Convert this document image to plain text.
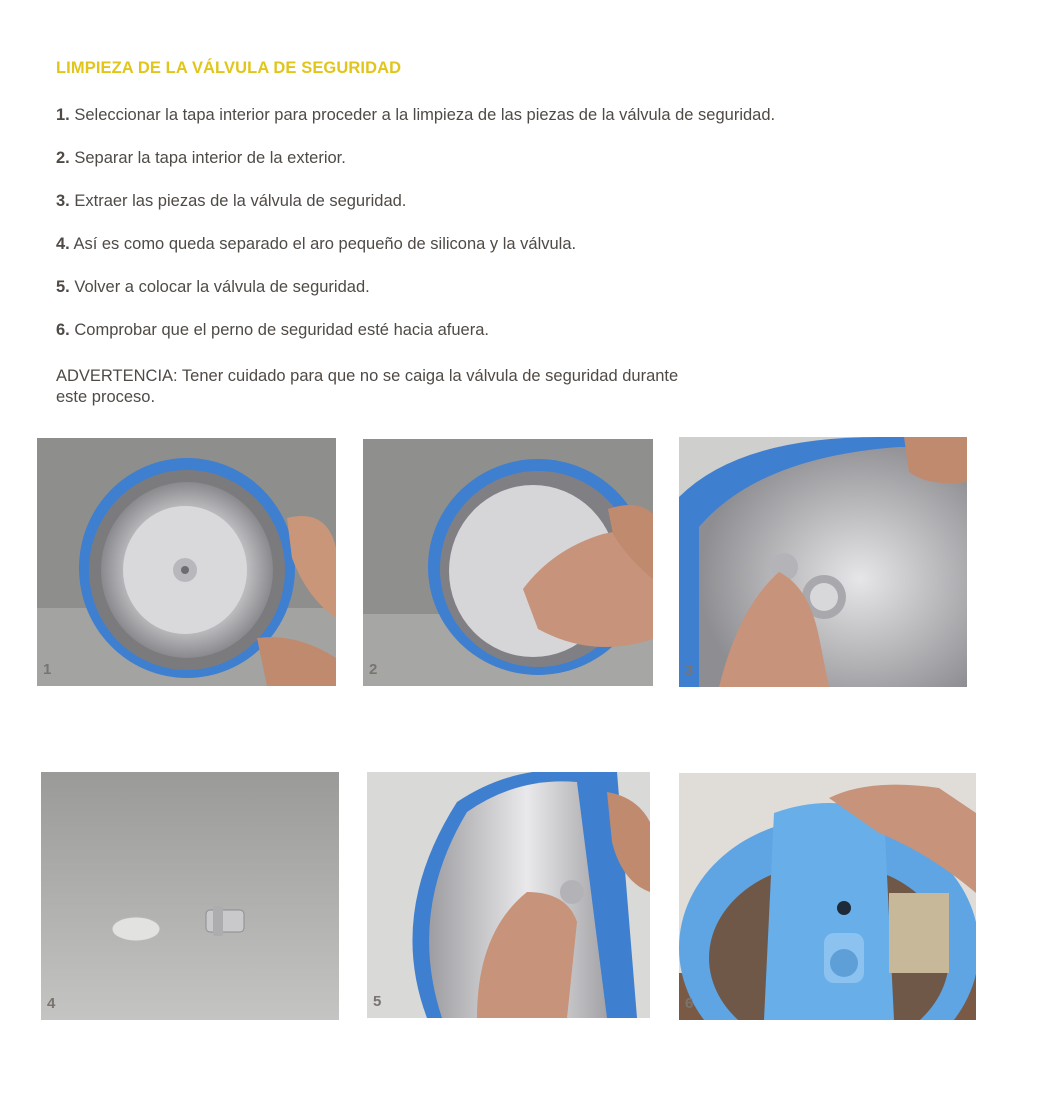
LIMPIEZA DE LA VÁLVULA DE SEGURIDAD
1. Seleccionar la tapa interior para proceder a la limpieza de las piezas de la válvula de seguridad.
2. Separar la tapa interior de la exterior.
3. Extraer las piezas de la válvula de seguridad.
4. Así es como queda separado el aro pequeño de silicona y la válvula.
5. Volver a colocar la válvula de seguridad.
6. Comprobar que el perno de seguridad esté hacia afuera.
ADVERTENCIA: Tener cuidado para que no se caiga la válvula de seguridad durante este proceso.
1	2	3
4	5	6
